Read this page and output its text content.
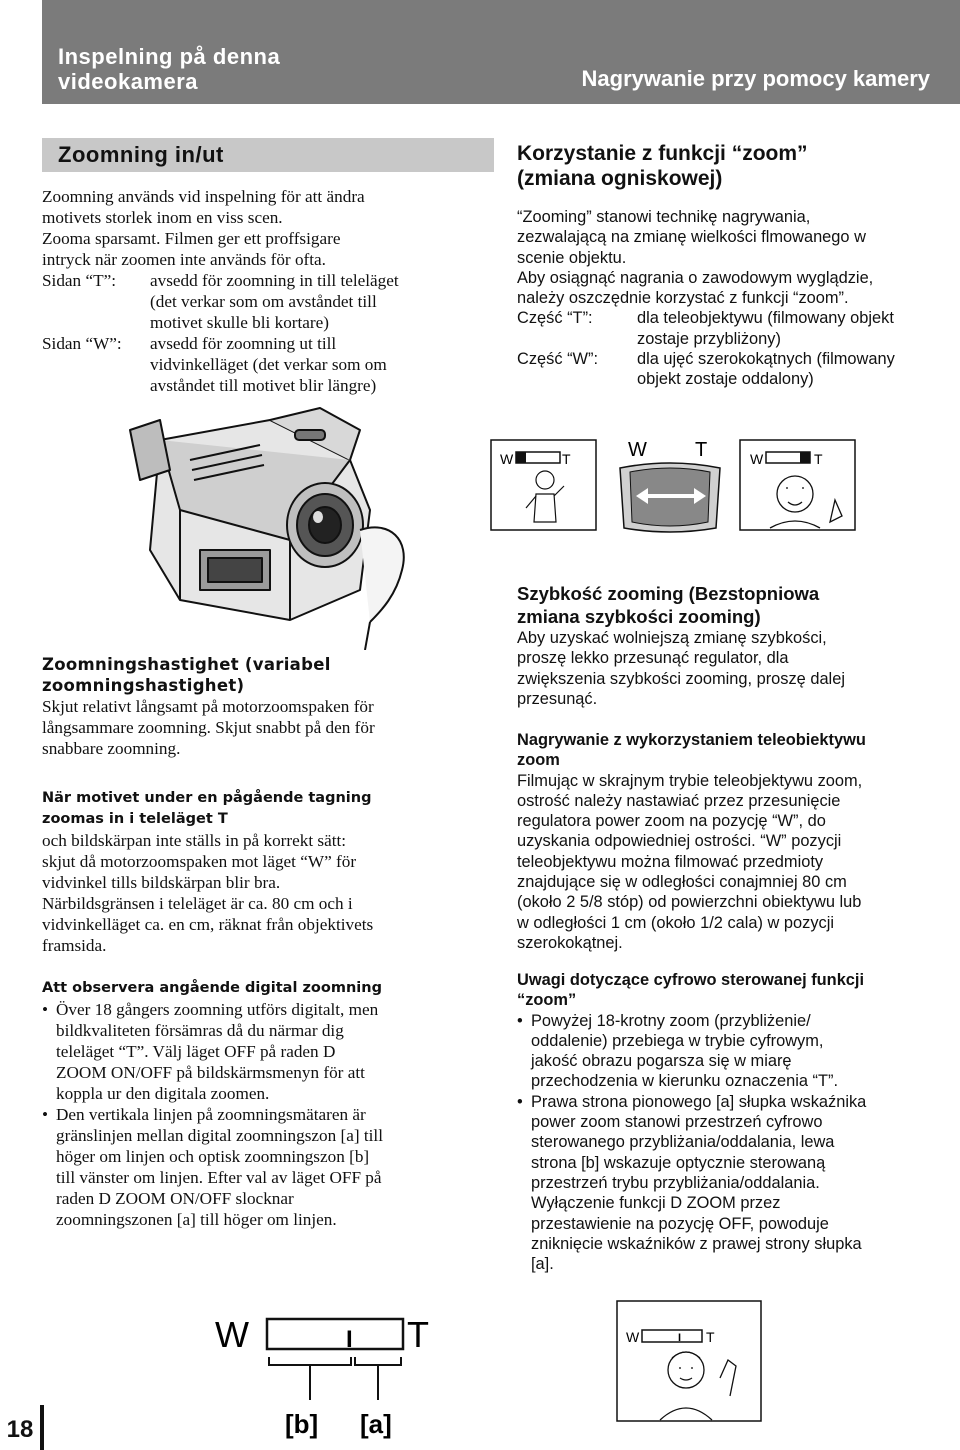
Inspelning på denna
videokamera	Nagrywanie przy pomocy kamery
Zoomning in/ut

Zoomning används vid inspelning för att ändra

motivets storlek inom en viss scen.

Zooma sparsamt. Filmen ger ett proffsigare

intryck när zoomen inte används för ofta.

Sidan “T”:	avsedd för zoomning in till teleläget
(det verkar som om avståndet till
motivet skulle bli kortare)
Sidan “W”:	avsedd för zoomning ut till
vidvinkelläget (det verkar som om
avståndet till motivet blir längre)
Korzystanie z funkcji “zoom”
(zmiana ogniskowej)

“Zooming” stanowi technikę nagrywania,

zezwalającą na zmianę wielkości flmowanego w

scenie objektu.

Aby osiągnąć nagrania o zawodowym wyglądzie,

należy oszczędnie korzystać z funkcji “zoom”.

Część “T”:	dla teleobjektywu (filmowany objekt
zostaje przybliżony)
Część “W”:	dla ujęć szerokokątnych (filmowany
objekt zostaje oddalony)
W	T	W T	W	T
Zoomningshastighet (variabel
zoomningshastighet)

Skjut relativt långsamt på motorzoomspaken för

långsammare zoomning. Skjut snabbt på den för

snabbare zoomning.

När motivet under en pågående tagning
zoomas in i teleläget T

och bildskärpan inte ställs in på korrekt sätt:

skjut då motorzoomspaken mot läget “W” för

vidvinkel tills bildskärpan blir bra.

Närbildsgränsen i teleläget är ca. 80 cm och i

vidvinkelläget ca. en cm, räknat från objektivets

framsida.

Att observera angående digital zoomning
• Över 18 gångers zoomning utförs digitalt, men
bildkvaliteten försämras då du närmar dig
teleläget “T”. Välj läget OFF på raden D
ZOOM ON/OFF på bildskärmsmenyn för att
koppla ur den digitala zoomen.
• Den vertikala linjen på zoomningsmätaren är
gränslinjen mellan digital zoomningszon [a] till
höger om linjen och optisk zoomningszon [b]
till vänster om linjen. Efter val av läget OFF på
raden D ZOOM ON/OFF slocknar
zoomningszonen [a] till höger om linjen.
Szybkość zooming (Bezstopniowa
zmiana szybkości zooming)

Aby uzyskać wolniejszą zmianę szybkości,

proszę lekko przesunąć regulator, dla

zwiększenia szybkości zooming, proszę dalej

przesunąć.

Nagrywanie z wykorzystaniem teleobiektywu
zoom

Filmując w skrajnym trybie teleobjektywu zoom,

ostrość należy nastawiać przez przesunięcie

regulatora power zoom na pozycję “W”, do

uzyskania odpowiedniej ostrości. “W” pozycji

teleobjektywu można filmować przedmioty

znajdujące się w odległości conajmniej 80 cm

(około 2 5/8 stóp) od powierzchni obiektywu lub

w odległości 1 cm (około 1/2 cala) w pozycji

szerokokątnej.

Uwagi dotyczące cyfrowo sterowanej funkcji
“zoom”
• Powyżej 18-krotny zoom (przybliżenie/
oddalenie) przebiega w trybie cyfrowym,
jakość obrazu pogarsza się w miarę
przechodzenia w kierunku oznaczenia “T”.
• Prawa strona pionowego [a] słupka wskaźnika
power zoom stanowi przestrzeń cyfrowo
sterowanego przybliżania/oddalania, lewa
strona [b] wskazuje optycznie sterowaną
przestrzeń trybu przybliżania/oddalania.
Wyłączenie funkcji D ZOOM przez
przestawienie na pozycję OFF, powoduje
zniknięcie wskaźników z prawej strony słupka
[a].
W	I T
[b] [a]
W	I T
18
